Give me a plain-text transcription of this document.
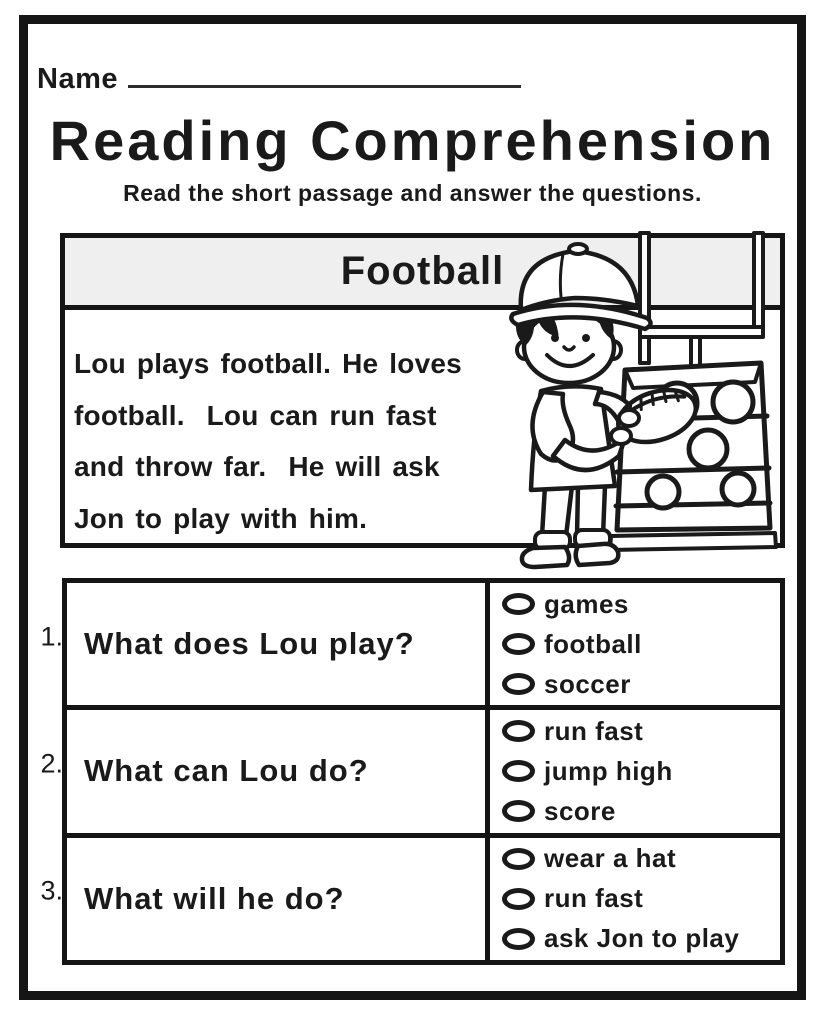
Name
Reading Comprehension
Read the short passage and answer the questions.
Football
Lou plays football. He loves
football.  Lou can run fast
and throw far.  He will ask
Jon to play with him.
1. What does Lou play?
games
football
soccer
2. What can Lou do?
run fast
jump high
score
3. What will he do?
wear a hat
run fast
ask Jon to play
